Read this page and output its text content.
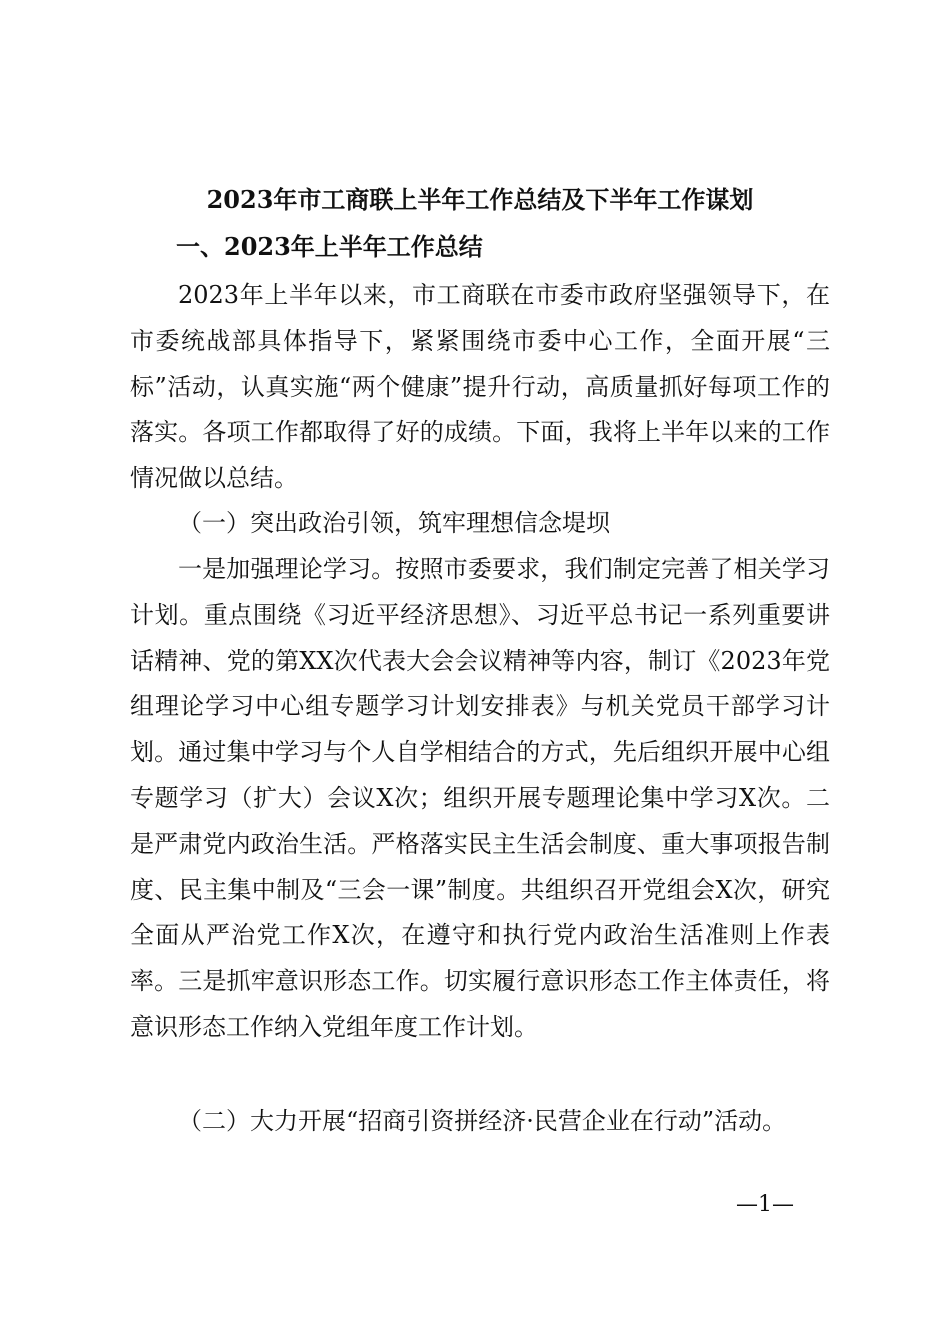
2023年市工商联上半年工作总结及下半年工作谋划
一、2023年上半年工作总结
2023年上半年以来，市工商联在市委市政府坚强领导下，在市委统战部具体指导下，紧紧围绕市委中心工作，全面开展“三标”活动，认真实施“两个健康”提升行动，高质量抓好每项工作的落实。各项工作都取得了好的成绩。下面，我将上半年以来的工作情况做以总结。
（一）突出政治引领，筑牢理想信念堤坝
一是加强理论学习。按照市委要求，我们制定完善了相关学习计划。重点围绕《习近平经济思想》、习近平总书记一系列重要讲话精神、党的第XX次代表大会会议精神等内容，制订《2023年党组理论学习中心组专题学习计划安排表》与机关党员干部学习计划。通过集中学习与个人自学相结合的方式，先后组织开展中心组专题学习（扩大）会议X次；组织开展专题理论集中学习X次。二是严肃党内政治生活。严格落实民主生活会制度、重大事项报告制度、民主集中制及“三会一课”制度。共组织召开党组会X次，研究全面从严治党工作X次，在遵守和执行党内政治生活准则上作表率。三是抓牢意识形态工作。切实履行意识形态工作主体责任，将意识形态工作纳入党组年度工作计划。
（二）大力开展“招商引资拼经济·民营企业在行动”活动。
—1—
